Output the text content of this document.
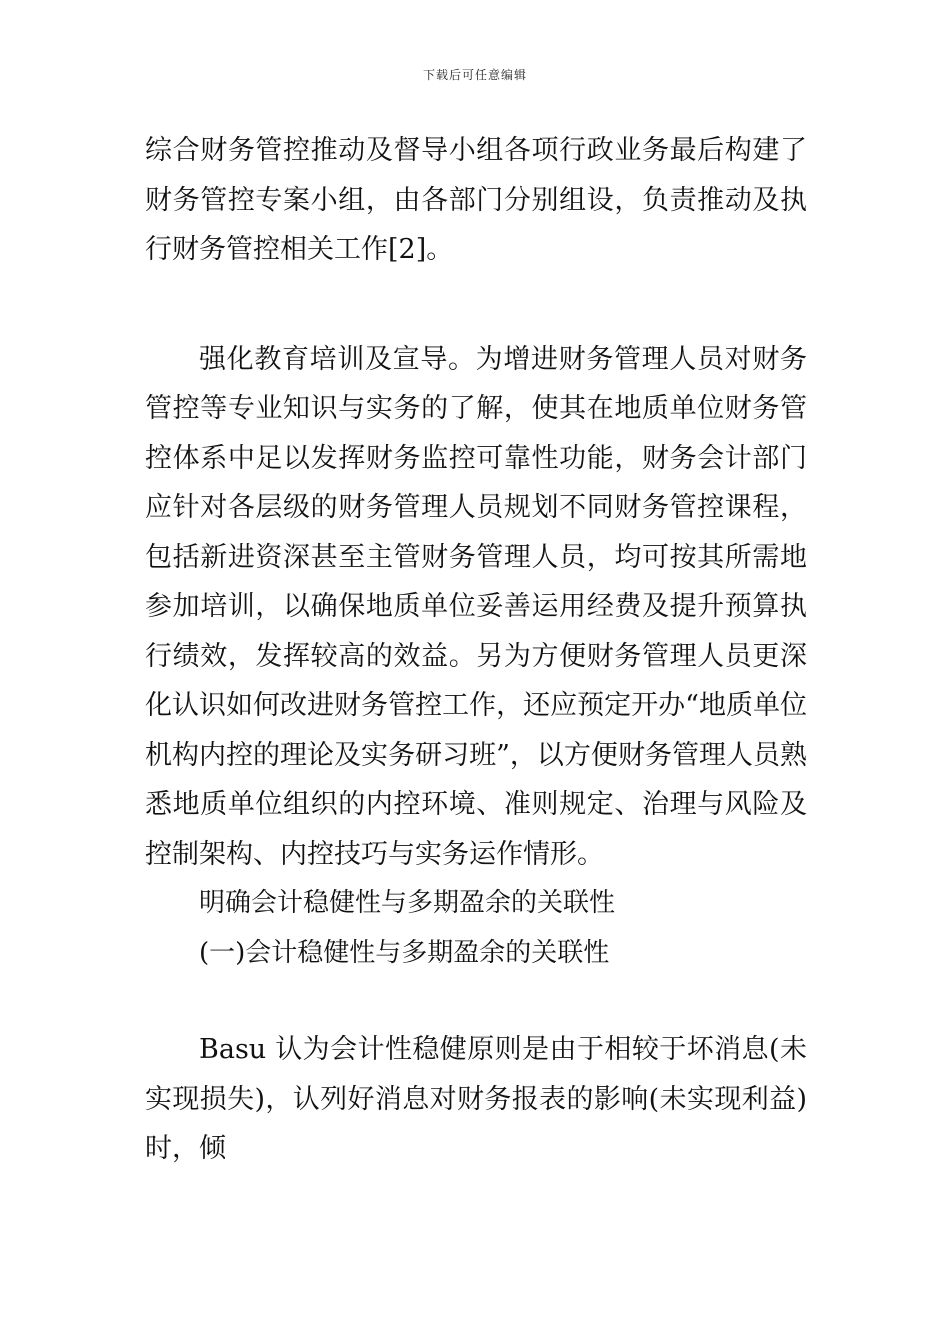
下载后可任意编辑

综合财务管控推动及督导小组各项行政业务最后构建了财务管控专案小组，由各部门分别组设，负责推动及执行财务管控相关工作[2]。

强化教育培训及宣导。为增进财务管理人员对财务管控等专业知识与实务的了解，使其在地质单位财务管控体系中足以发挥财务监控可靠性功能，财务会计部门应针对各层级的财务管理人员规划不同财务管控课程，包括新进资深甚至主管财务管理人员，均可按其所需地参加培训，以确保地质单位妥善运用经费及提升预算执行绩效，发挥较高的效益。另为方便财务管理人员更深化认识如何改进财务管控工作，还应预定开办“地质单位机构内控的理论及实务研习班”，以方便财务管理人员熟悉地质单位组织的内控环境、准则规定、治理与风险及控制架构、内控技巧与实务运作情形。

明确会计稳健性与多期盈余的关联性

(一)会计稳健性与多期盈余的关联性

Basu 认为会计性稳健原则是由于相较于坏消息(未实现损失)，认列好消息对财务报表的影响(未实现利益)时，倾
